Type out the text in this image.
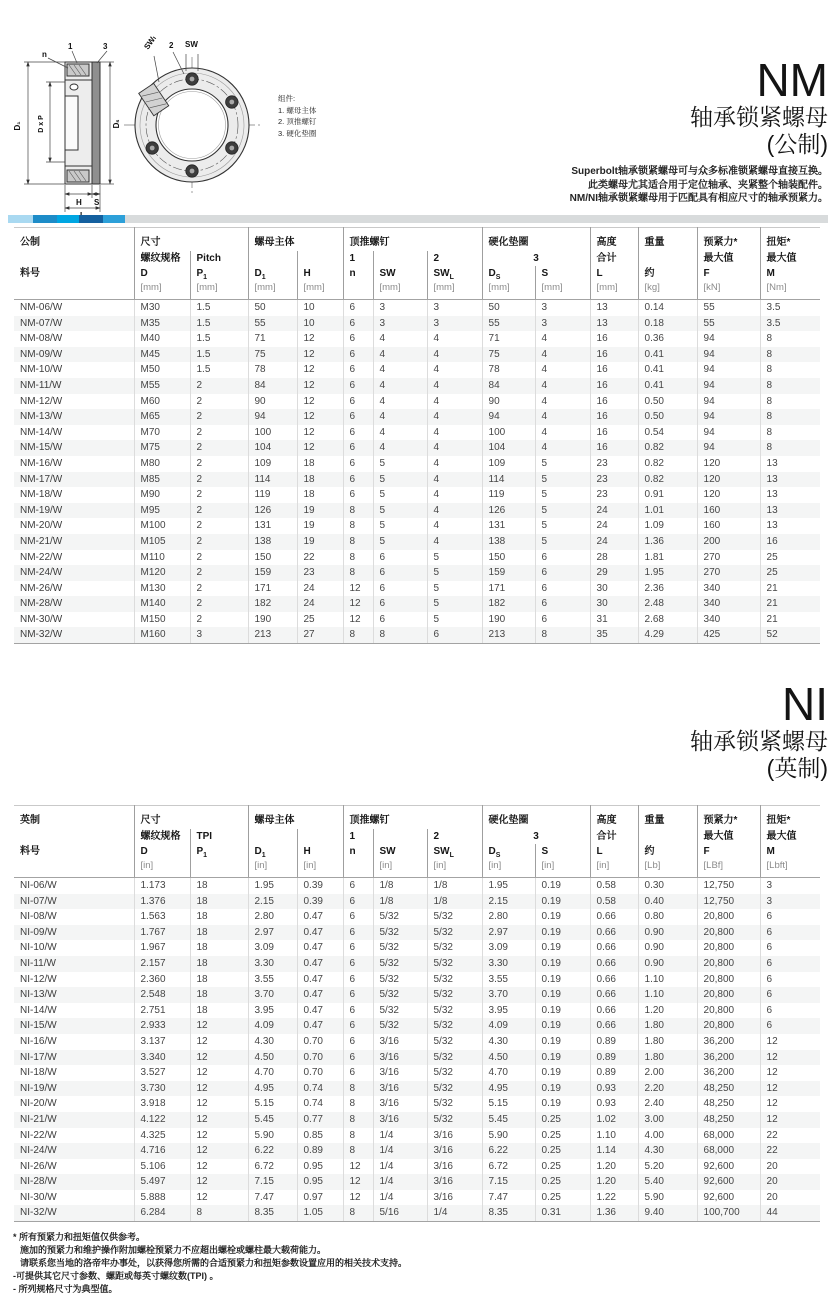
n
1	3
D₁ D x P	Dₛ
H S
SWₗ 2 SW
组件:
1. 螺母主体
2. 顶推螺钉
3. 硬化垫圈
NM
轴承锁紧螺母
(公制)
Superbolt轴承锁紧螺母可与众多标准锁紧螺母直接互换。
此类螺母尤其适合用于定位轴承、夹紧整个轴装配件。
NM/NI轴承锁紧螺母用于匹配具有相应尺寸的轴承预紧力。
公制	尺寸		螺母主体		顶推螺钉			硬化垫圈		高度	重量	预紧力*	扭矩*
	螺纹规格	Pitch			1		2	3		合计		最大值	最大值
料号	D	$P_1$	$D_1$	H	n	SW	$SW_L$	$D_S$	S	L	约	F	M
	[mm]	[mm]	[mm]	[mm]		[mm]	[mm]	[mm]	[mm]	[mm]	[kg]	[kN]	[Nm]
NM-06/W	M30	1.5	50	10	6	3	3	50	3	13	0.14	55	3.5
NM-07/W	M35	1.5	55	10	6	3	3	55	3	13	0.18	55	3.5
NM-08/W	M40	1.5	71	12	6	4	4	71	4	16	0.36	94	8
NM-09/W	M45	1.5	75	12	6	4	4	75	4	16	0.41	94	8
NM-10/W	M50	1.5	78	12	6	4	4	78	4	16	0.41	94	8
NM-11/W	M55	2	84	12	6	4	4	84	4	16	0.41	94	8
NM-12/W	M60	2	90	12	6	4	4	90	4	16	0.50	94	8
NM-13/W	M65	2	94	12	6	4	4	94	4	16	0.50	94	8
NM-14/W	M70	2	100	12	6	4	4	100	4	16	0.54	94	8
NM-15/W	M75	2	104	12	6	4	4	104	4	16	0.82	94	8
NM-16/W	M80	2	109	18	6	5	4	109	5	23	0.82	120	13
NM-17/W	M85	2	114	18	6	5	4	114	5	23	0.82	120	13
NM-18/W	M90	2	119	18	6	5	4	119	5	23	0.91	120	13
NM-19/W	M95	2	126	19	8	5	4	126	5	24	1.01	160	13
NM-20/W	M100	2	131	19	8	5	4	131	5	24	1.09	160	13
NM-21/W	M105	2	138	19	8	5	4	138	5	24	1.36	200	16
NM-22/W	M110	2	150	22	8	6	5	150	6	28	1.81	270	25
NM-24/W	M120	2	159	23	8	6	5	159	6	29	1.95	270	25
NM-26/W	M130	2	171	24	12	6	5	171	6	30	2.36	340	21
NM-28/W	M140	2	182	24	12	6	5	182	6	30	2.48	340	21
NM-30/W	M150	2	190	25	12	6	5	190	6	31	2.68	340	21
NM-32/W	M160	3	213	27	8	8	6	213	8	35	4.29	425	52
NI
轴承锁紧螺母
(英制)
英制	尺寸		螺母主体		顶推螺钉			硬化垫圈		高度	重量	预紧力*	扭矩*
	螺纹规格	TPI			1		2	3		合计		最大值	最大值
料号	D	$P_1$	$D_1$	H	n	SW	$SW_L$	$D_S$	S	L	约	F	M
	[in]		[in]	[in]		[in]	[in]	[in]	[in]	[in]	[Lb]	[LBf]	[Lbft]
NI-06/W	1.173	18	1.95	0.39	6	1/8	1/8	1.95	0.19	0.58	0.30	12,750	3
NI-07/W	1.376	18	2.15	0.39	6	1/8	1/8	2.15	0.19	0.58	0.40	12,750	3
NI-08/W	1.563	18	2.80	0.47	6	5/32	5/32	2.80	0.19	0.66	0.80	20,800	6
NI-09/W	1.767	18	2.97	0.47	6	5/32	5/32	2.97	0.19	0.66	0.90	20,800	6
NI-10/W	1.967	18	3.09	0.47	6	5/32	5/32	3.09	0.19	0.66	0.90	20,800	6
NI-11/W	2.157	18	3.30	0.47	6	5/32	5/32	3.30	0.19	0.66	0.90	20,800	6
NI-12/W	2.360	18	3.55	0.47	6	5/32	5/32	3.55	0.19	0.66	1.10	20,800	6
NI-13/W	2.548	18	3.70	0.47	6	5/32	5/32	3.70	0.19	0.66	1.10	20,800	6
NI-14/W	2.751	18	3.95	0.47	6	5/32	5/32	3.95	0.19	0.66	1.20	20,800	6
NI-15/W	2.933	12	4.09	0.47	6	5/32	5/32	4.09	0.19	0.66	1.80	20,800	6
NI-16/W	3.137	12	4.30	0.70	6	3/16	5/32	4.30	0.19	0.89	1.80	36,200	12
NI-17/W	3.340	12	4.50	0.70	6	3/16	5/32	4.50	0.19	0.89	1.80	36,200	12
NI-18/W	3.527	12	4.70	0.70	6	3/16	5/32	4.70	0.19	0.89	2.00	36,200	12
NI-19/W	3.730	12	4.95	0.74	8	3/16	5/32	4.95	0.19	0.93	2.20	48,250	12
NI-20/W	3.918	12	5.15	0.74	8	3/16	5/32	5.15	0.19	0.93	2.40	48,250	12
NI-21/W	4.122	12	5.45	0.77	8	3/16	5/32	5.45	0.25	1.02	3.00	48,250	12
NI-22/W	4.325	12	5.90	0.85	8	1/4	3/16	5.90	0.25	1.10	4.00	68,000	22
NI-24/W	4.716	12	6.22	0.89	8	1/4	3/16	6.22	0.25	1.14	4.30	68,000	22
NI-26/W	5.106	12	6.72	0.95	12	1/4	3/16	6.72	0.25	1.20	5.20	92,600	20
NI-28/W	5.497	12	7.15	0.95	12	1/4	3/16	7.15	0.25	1.20	5.40	92,600	20
NI-30/W	5.888	12	7.47	0.97	12	1/4	3/16	7.47	0.25	1.22	5.90	92,600	20
NI-32/W	6.284	8	8.35	1.05	8	5/16	1/4	8.35	0.31	1.36	9.40	100,700	44
* 所有预紧力和扭矩值仅供参考。
施加的预紧力和维护操作附加螺栓预紧力不应超出螺栓或螺柱最大载荷能力。
请联系您当地的洛帝牢办事处，以获得您所需的合适预紧力和扭矩参数设置应用的相关技术支持。
-可提供其它尺寸参数、螺距或每英寸螺纹数(TPI) 。
- 所列规格尺寸为典型值。
